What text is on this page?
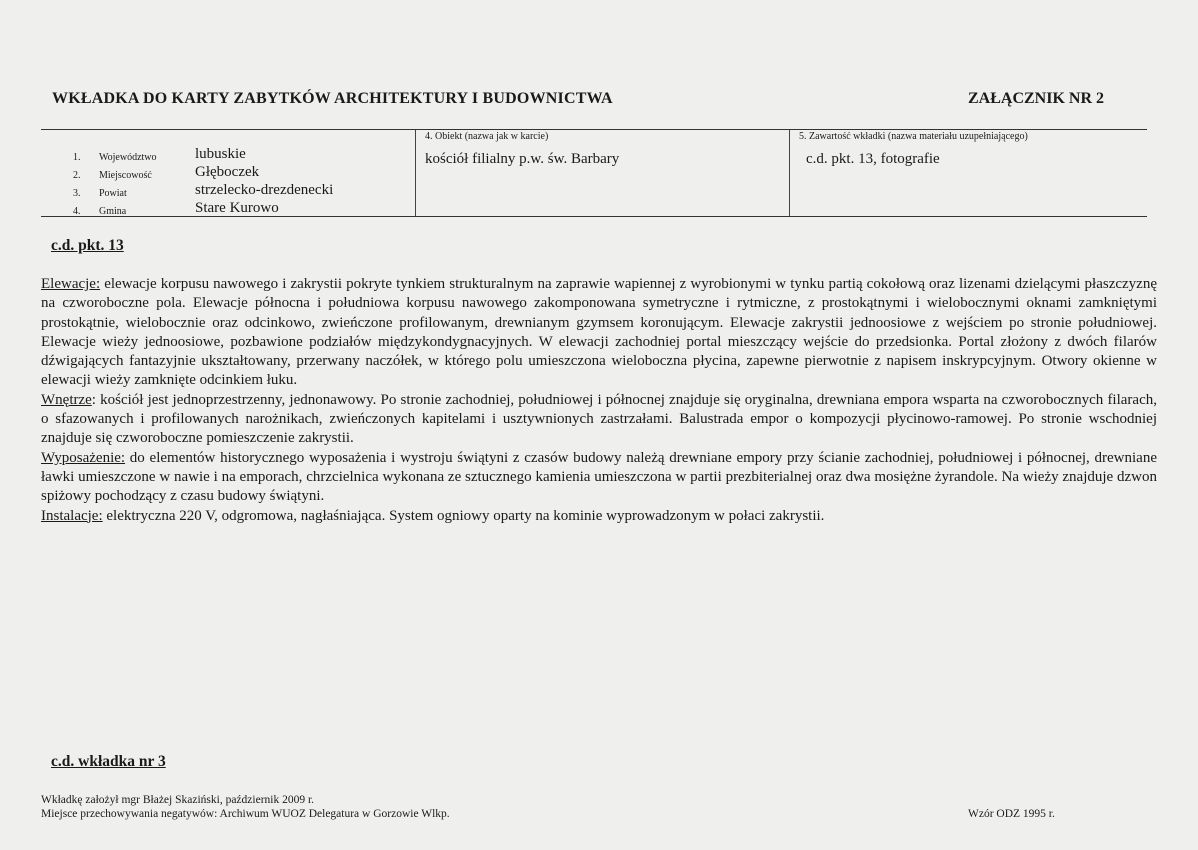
WKŁADKA DO KARTY ZABYTKÓW ARCHITEKTURY I BUDOWNICTWA	ZAŁĄCZNIK NR 2
1. Województwo	lubuskie
2. Miejscowość	Głęboczek
3. Powiat	strzelecko-drezdenecki
4. Gmina	Stare Kurowo
4. Obiekt (nazwa jak w karcie)
kościół filialny p.w. św. Barbary
5. Zawartość wkładki (nazwa materiału uzupełniającego)
c.d. pkt. 13, fotografie
c.d. pkt. 13

Elewacje: elewacje korpusu nawowego i zakrystii pokryte tynkiem strukturalnym na zaprawie wapiennej z wyrobionymi w tynku partią cokołową oraz lizenami dzielącymi płaszczyznę na czworoboczne pola. Elewacje północna i południowa korpusu nawowego zakomponowana symetryczne i rytmiczne, z prostokątnymi i wielobocznymi oknami zamkniętymi prostokątnie, wielobocznie oraz odcinkowo, zwieńczone profilowanym, drewnianym gzymsem koronującym. Elewacje zakrystii jednoosiowe z wejściem po stronie południowej. Elewacje wieży jednoosiowe, pozbawione podziałów międzykondygnacyjnych. W elewacji zachodniej portal mieszczący wejście do przedsionka. Portal złożony z dwóch filarów dźwigających fantazyjnie ukształtowany, przerwany naczółek, w którego polu umieszczona wieloboczna płycina, zapewne pierwotnie z napisem inskrypcyjnym. Otwory okienne w elewacji wieży zamknięte odcinkiem łuku.

Wnętrze: kościół jest jednoprzestrzenny, jednonawowy. Po stronie zachodniej, południowej i północnej znajduje się oryginalna, drewniana empora wsparta na czworobocznych filarach, o sfazowanych i profilowanych narożnikach, zwieńczonych kapitelami i usztywnionych zastrzałami. Balustrada empor o kompozycji płycinowo-ramowej. Po stronie wschodniej znajduje się czworoboczne pomieszczenie zakrystii.

Wyposażenie: do elementów historycznego wyposażenia i wystroju świątyni z czasów budowy należą drewniane empory przy ścianie zachodniej, południowej i północnej, drewniane ławki umieszczone w nawie i na emporach, chrzcielnica wykonana ze sztucznego kamienia umieszczona w partii prezbiterialnej oraz dwa mosiężne żyrandole. Na wieży znajduje dzwon spiżowy pochodzący z czasu budowy świątyni.

Instalacje: elektryczna 220 V, odgromowa, nagłaśniająca. System ogniowy oparty na kominie wyprowadzonym w połaci zakrystii.

c.d. wkładka nr 3
Wkładkę założył mgr Błażej Skaziński, październik 2009 r.
Miejsce przechowywania negatywów: Archiwum WUOZ Delegatura w Gorzowie Wlkp.	Wzór ODZ 1995 r.
